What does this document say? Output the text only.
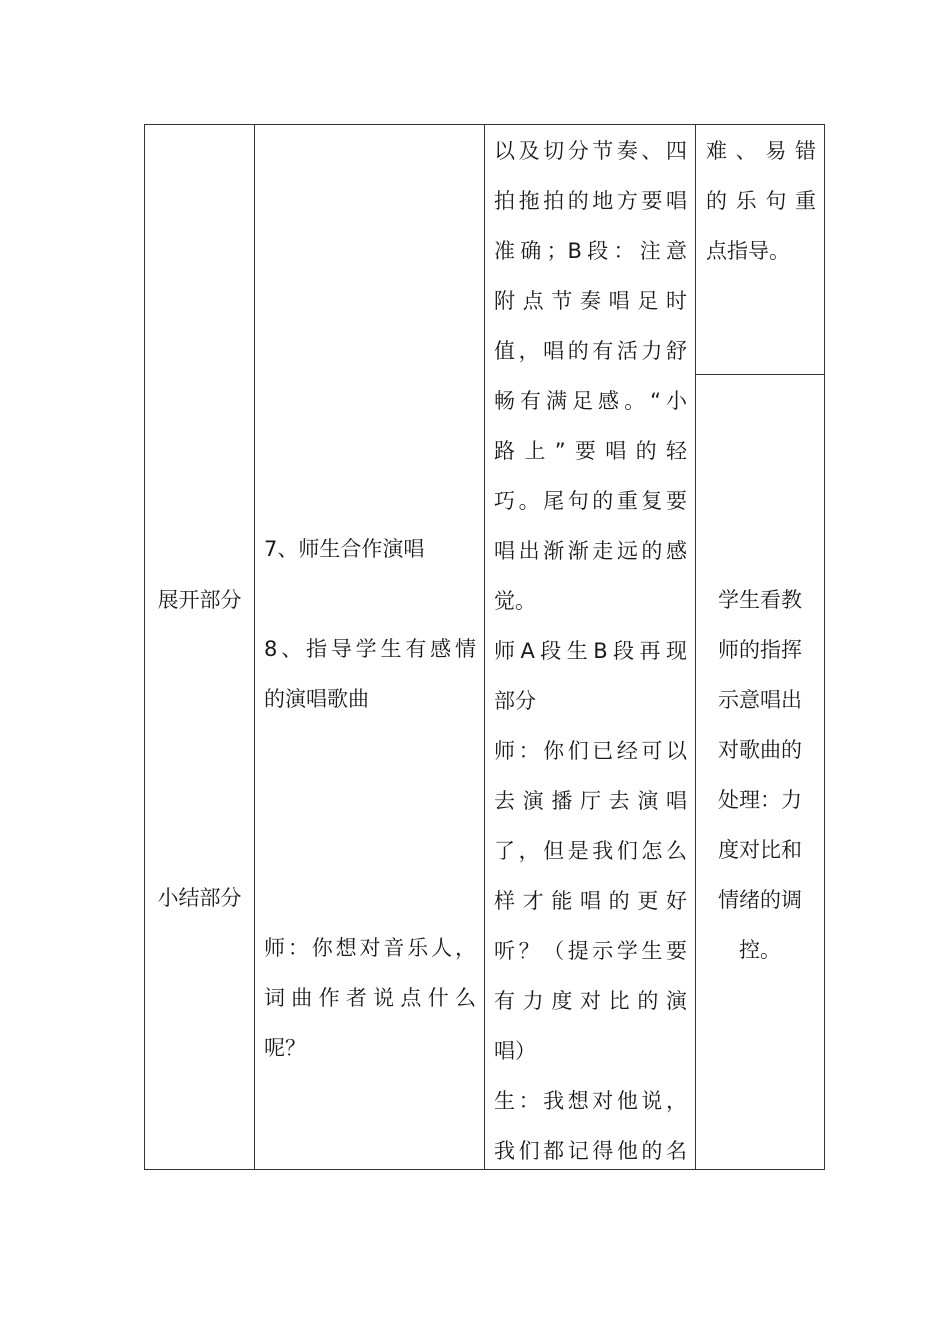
展开部分
小结部分
7、师生合作演唱
8、指导学生有感情
的演唱歌曲
师：你想对音乐人，
词曲作者说点什么
呢？
以及切分节奏、四
拍拖拍的地方要唱
准确；B段：注意
附点节奏唱足时
值，唱的有活力舒
畅有满足感。“小
路上”要唱的轻
巧。尾句的重复要
唱出渐渐走远的感
觉。
师A段生B段再现
部分
师：你们已经可以
去演播厅去演唱
了，但是我们怎么
样才能唱的更好
听？（提示学生要
有力度对比的演
唱）
生：我想对他说，
我们都记得他的名
难、易错
的乐句重
点指导。
学生看教
师的指挥
示意唱出
对歌曲的
处理：力
度对比和
情绪的调
控。
